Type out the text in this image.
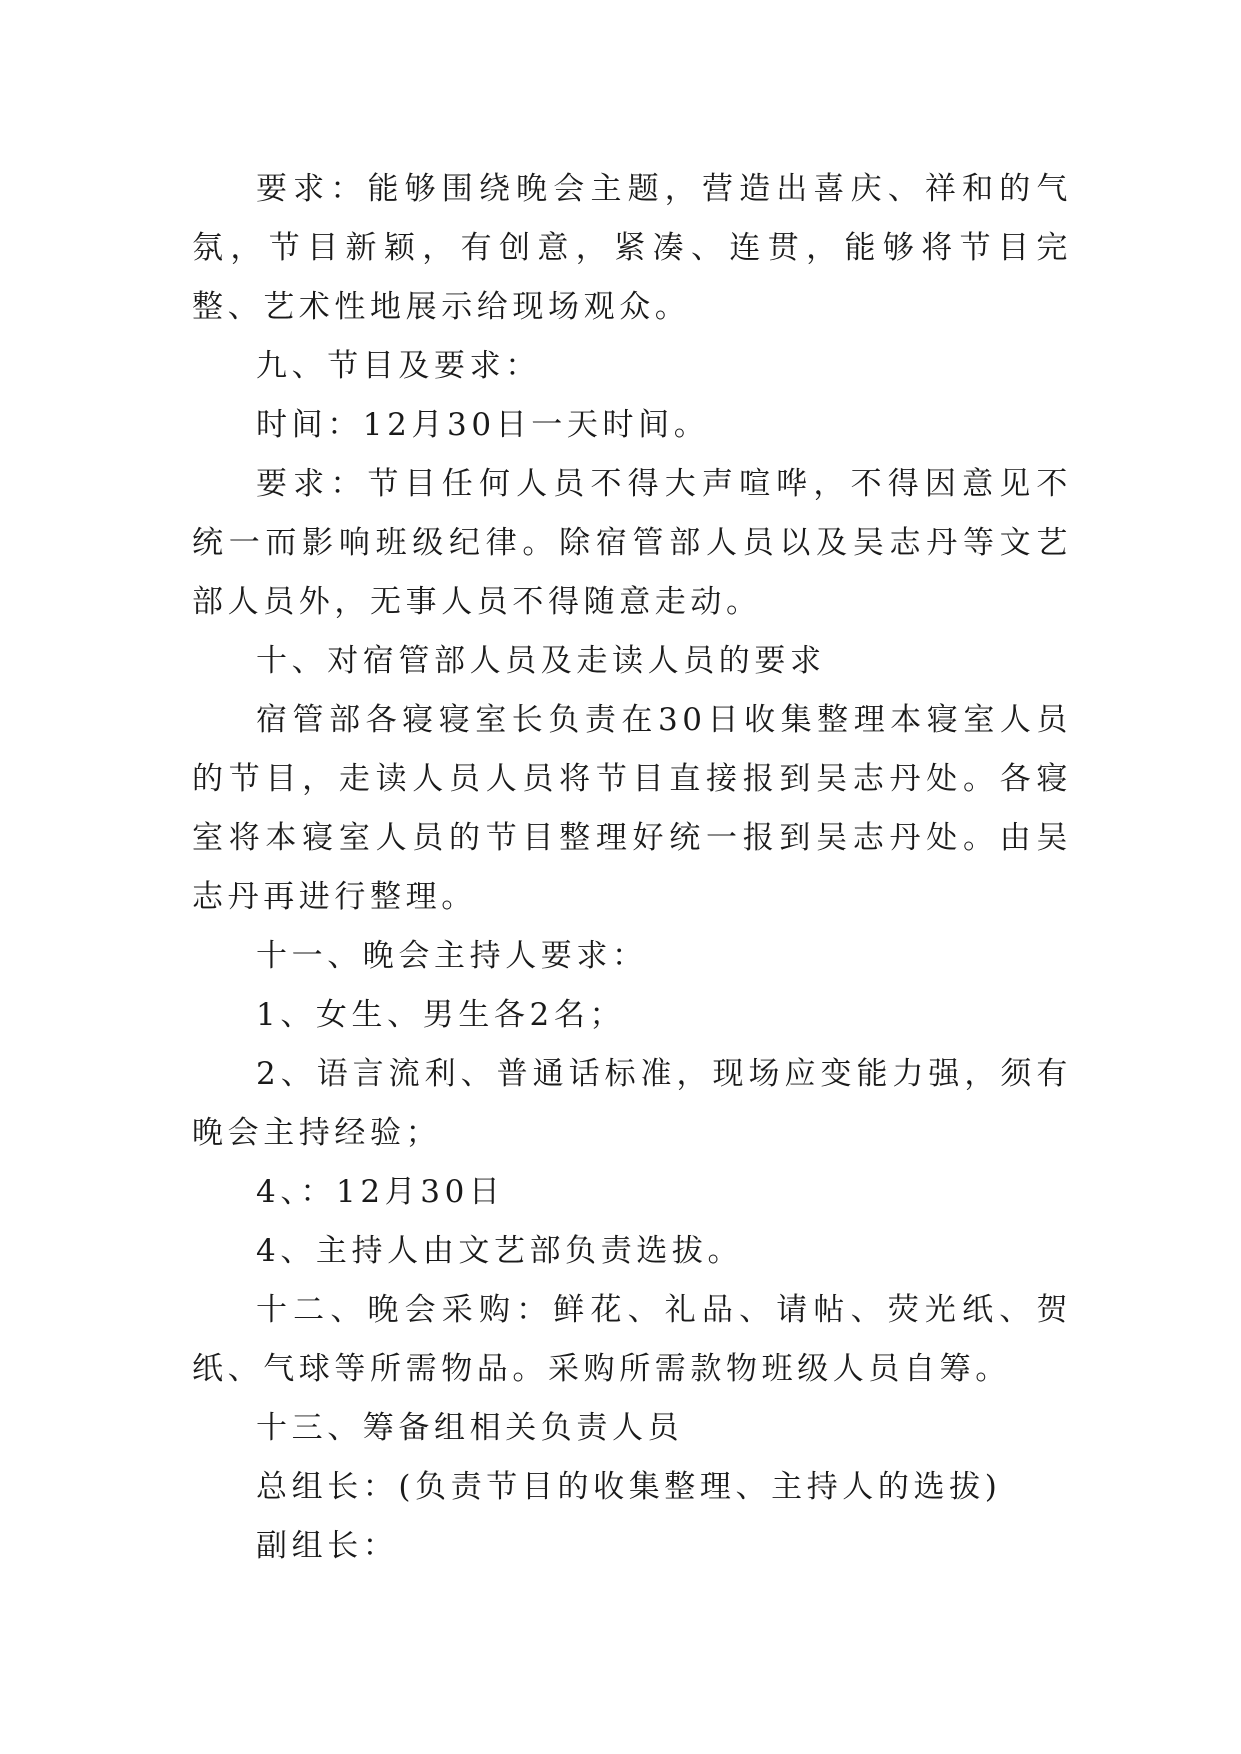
要求：能够围绕晚会主题，营造出喜庆、祥和的气氛，节目新颖，有创意，紧凑、连贯，能够将节目完整、艺术性地展示给现场观众。

九、节目及要求：

时间：12月30日一天时间。

要求：节目任何人员不得大声喧哗，不得因意见不统一而影响班级纪律。除宿管部人员以及吴志丹等文艺部人员外，无事人员不得随意走动。

十、对宿管部人员及走读人员的要求

宿管部各寝寝室长负责在30日收集整理本寝室人员的节目，走读人员人员将节目直接报到吴志丹处。各寝室将本寝室人员的节目整理好统一报到吴志丹处。由吴志丹再进行整理。

十一、晚会主持人要求：

1、女生、男生各2名；

2、语言流利、普通话标准，现场应变能力强，须有晚会主持经验；

4、：12月30日

4、主持人由文艺部负责选拔。

十二、晚会采购：鲜花、礼品、请帖、荧光纸、贺纸、气球等所需物品。采购所需款物班级人员自筹。

十三、筹备组相关负责人员

总组长：(负责节目的收集整理、主持人的选拔)

副组长：
